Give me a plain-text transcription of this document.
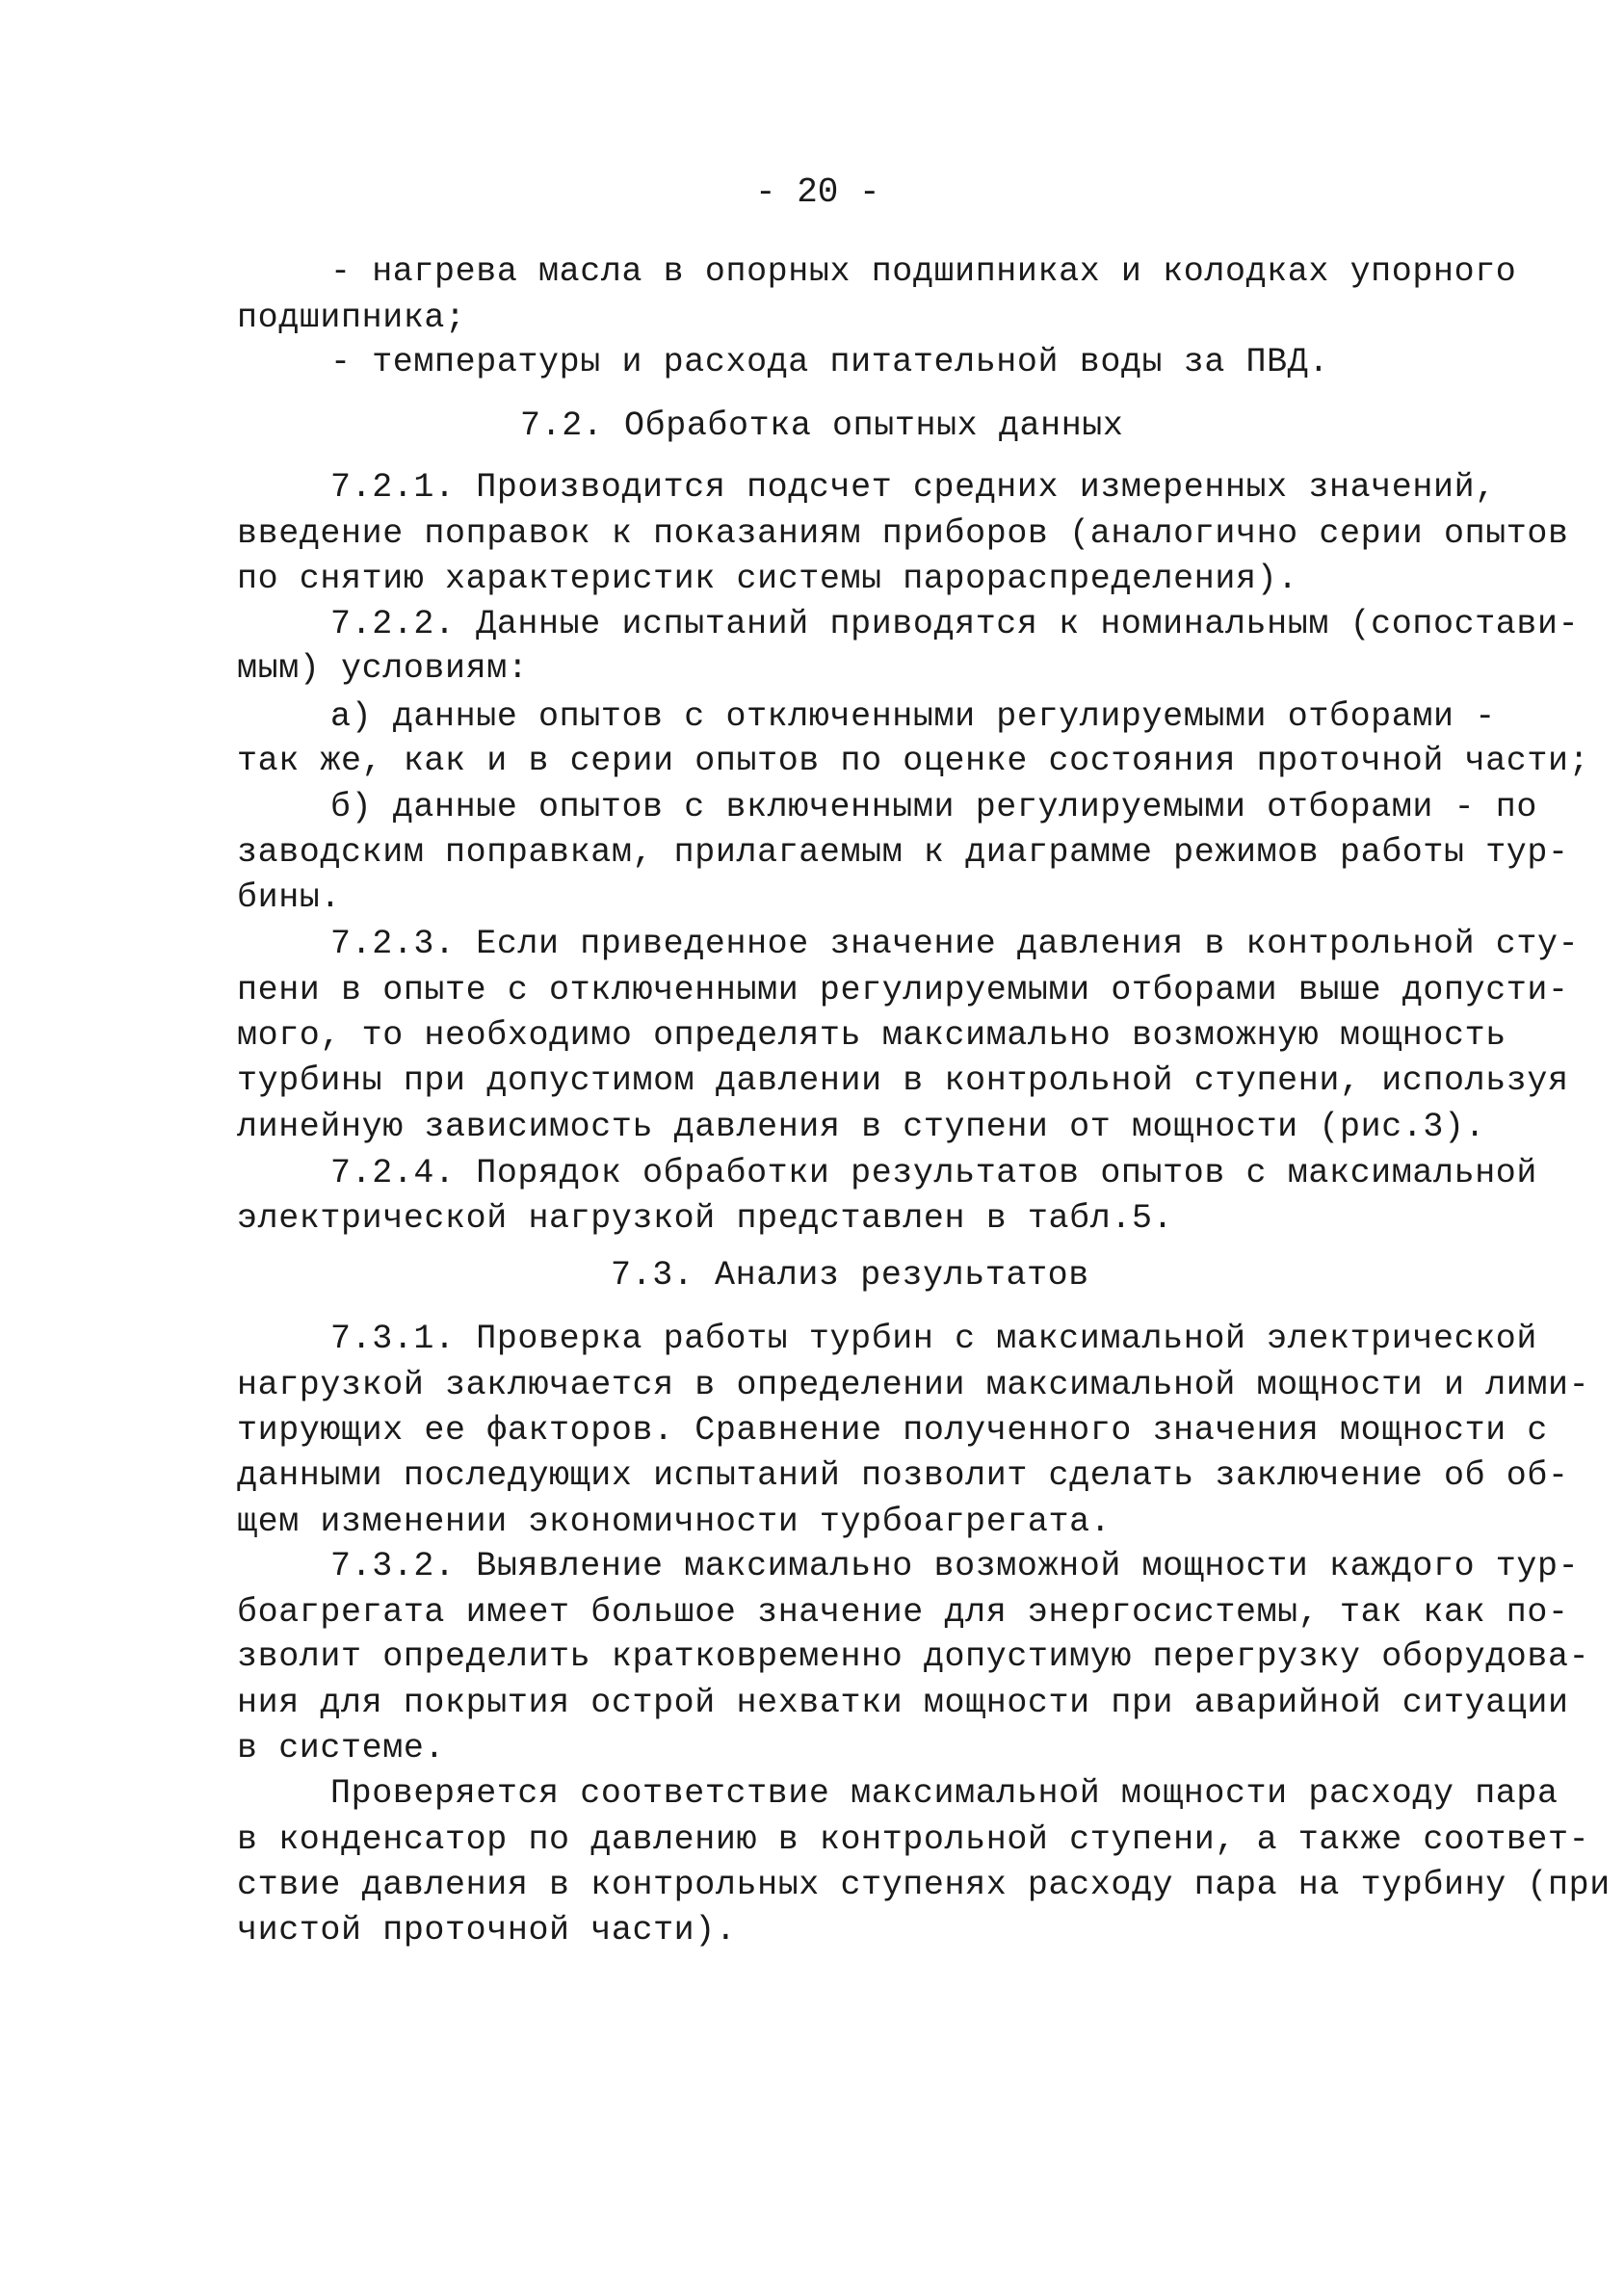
- 20 -
- нагрева масла в опорных подшипниках и колодках упорного
подшипника;
- температуры и расхода питательной воды за ПВД.
7.2. Обработка опытных данных
7.2.1. Производится подсчет средних измеренных значений,
введение поправок к показаниям приборов (аналогично серии опытов
по снятию характеристик системы парораспределения).
7.2.2. Данные испытаний приводятся к номинальным (сопостави-
мым) условиям:
а) данные опытов с отключенными регулируемыми отборами -
так же, как и в серии опытов по оценке состояния проточной части;
б) данные опытов с включенными регулируемыми отборами - по
заводским поправкам, прилагаемым к диаграмме режимов работы тур-
бины.
7.2.3. Если приведенное значение давления в контрольной сту-
пени в опыте с отключенными регулируемыми отборами выше допусти-
мого, то необходимо определять максимально возможную мощность
турбины при допустимом давлении в контрольной ступени, используя
линейную зависимость давления в ступени от мощности (рис.3).
7.2.4. Порядок обработки результатов опытов с максимальной
электрической нагрузкой представлен в табл.5.
7.3. Анализ результатов
7.3.1. Проверка работы турбин с максимальной электрической
нагрузкой заключается в определении максимальной мощности и лими-
тирующих ее факторов. Сравнение полученного значения мощности с
данными последующих испытаний позволит сделать заключение об об-
щем изменении экономичности турбоагрегата.
7.3.2. Выявление максимально возможной мощности каждого тур-
боагрегата имеет большое значение для энергосистемы, так как по-
зволит определить кратковременно допустимую перегрузку оборудова-
ния для покрытия острой нехватки мощности при аварийной ситуации
в системе.
Проверяется соответствие максимальной мощности расходу пара
в конденсатор по давлению в контрольной ступени, а также соответ-
ствие давления в контрольных ступенях расходу пара на турбину (при
чистой проточной части).
